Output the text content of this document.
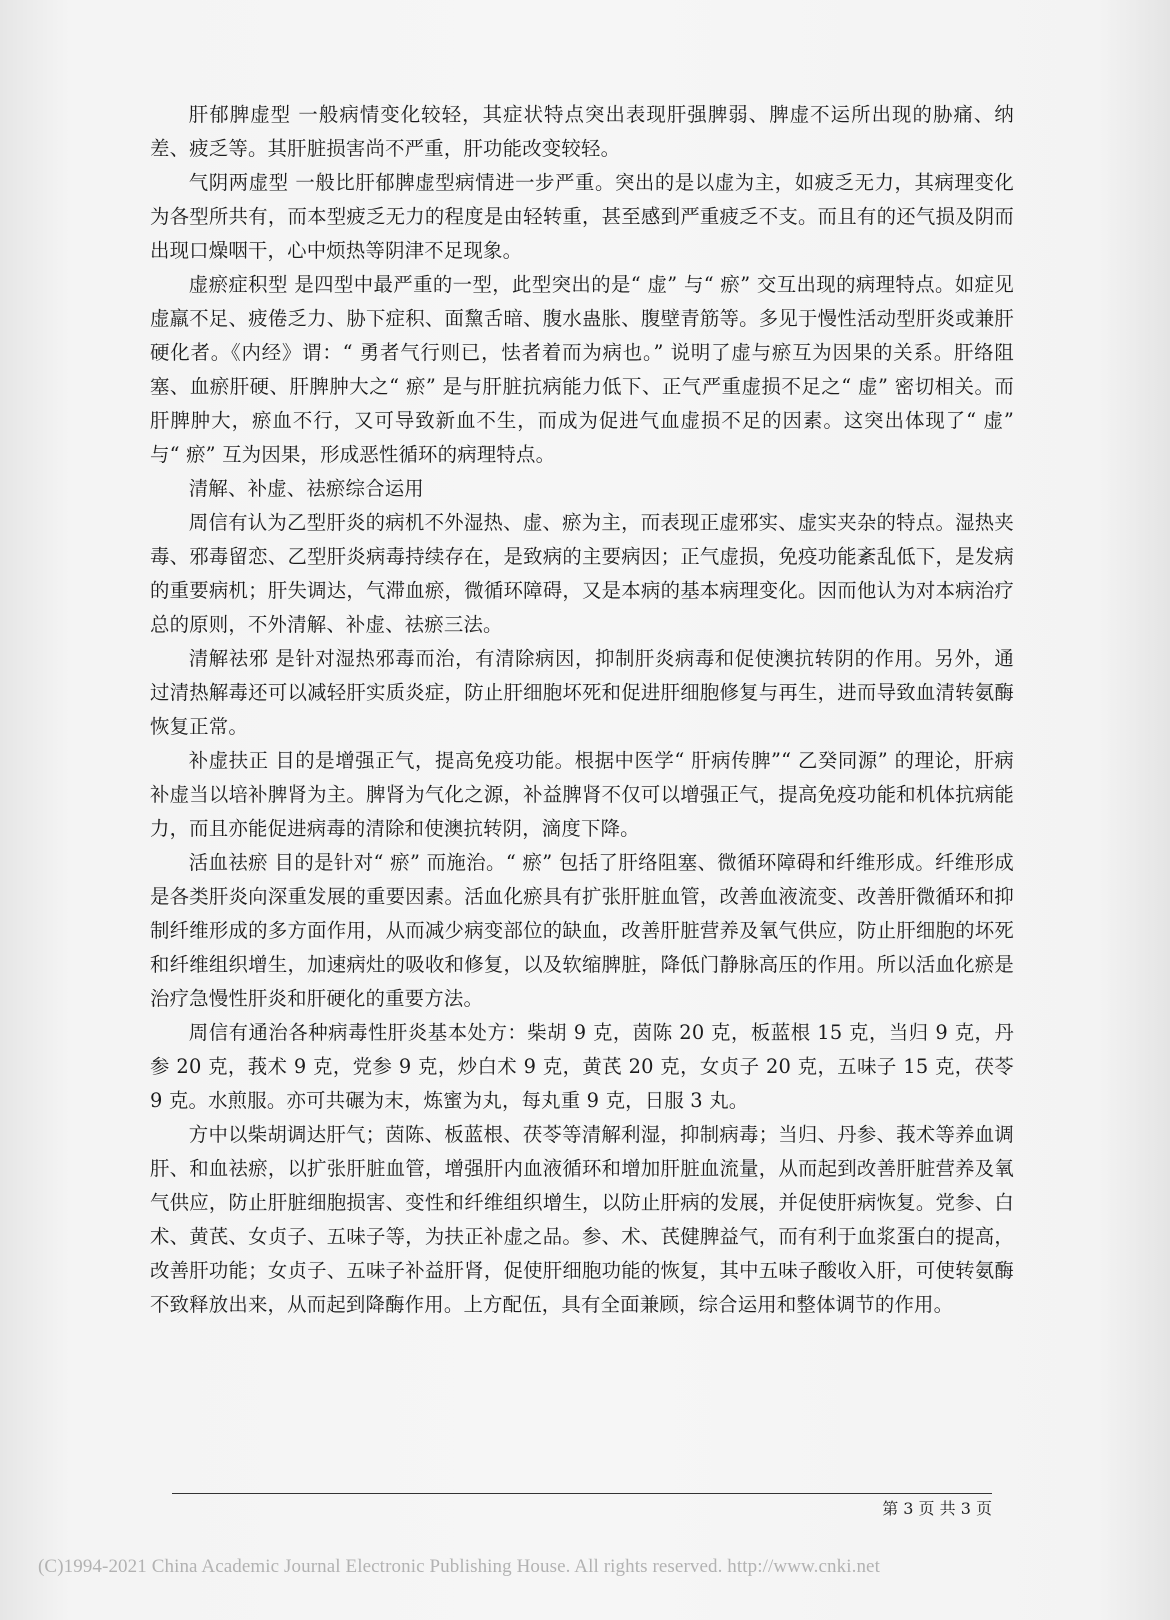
肝郁脾虚型 一般病情变化较轻，其症状特点突出表现肝强脾弱、脾虚不运所出现的胁痛、纳差、疲乏等。其肝脏损害尚不严重，肝功能改变较轻。

气阴两虚型 一般比肝郁脾虚型病情进一步严重。突出的是以虚为主，如疲乏无力，其病理变化为各型所共有，而本型疲乏无力的程度是由轻转重，甚至感到严重疲乏不支。而且有的还气损及阴而出现口燥咽干，心中烦热等阴津不足现象。

虚瘀症积型 是四型中最严重的一型，此型突出的是“ 虚” 与“ 瘀” 交互出现的病理特点。如症见虚羸不足、疲倦乏力、胁下症积、面黧舌暗、腹水蛊胀、腹壁青筋等。多见于慢性活动型肝炎或兼肝硬化者。《内经》谓：“ 勇者气行则已，怯者着而为病也。” 说明了虚与瘀互为因果的关系。肝络阻塞、血瘀肝硬、肝脾肿大之“ 瘀” 是与肝脏抗病能力低下、正气严重虚损不足之“ 虚” 密切相关。而肝脾肿大，瘀血不行，又可导致新血不生，而成为促进气血虚损不足的因素。这突出体现了“ 虚” 与“ 瘀” 互为因果，形成恶性循环的病理特点。

清解、补虚、祛瘀综合运用

周信有认为乙型肝炎的病机不外湿热、虚、瘀为主，而表现正虚邪实、虚实夹杂的特点。湿热夹毒、邪毒留恋、乙型肝炎病毒持续存在，是致病的主要病因；正气虚损，免疫功能紊乱低下，是发病的重要病机；肝失调达，气滞血瘀，微循环障碍，又是本病的基本病理变化。因而他认为对本病治疗总的原则，不外清解、补虚、祛瘀三法。

清解祛邪 是针对湿热邪毒而治，有清除病因，抑制肝炎病毒和促使澳抗转阴的作用。另外，通过清热解毒还可以减轻肝实质炎症，防止肝细胞坏死和促进肝细胞修复与再生，进而导致血清转氨酶恢复正常。

补虚扶正 目的是增强正气，提高免疫功能。根据中医学“ 肝病传脾”“ 乙癸同源” 的理论，肝病补虚当以培补脾肾为主。脾肾为气化之源，补益脾肾不仅可以增强正气，提高免疫功能和机体抗病能力，而且亦能促进病毒的清除和使澳抗转阴，滴度下降。

活血祛瘀 目的是针对“ 瘀” 而施治。“ 瘀” 包括了肝络阻塞、微循环障碍和纤维形成。纤维形成是各类肝炎向深重发展的重要因素。活血化瘀具有扩张肝脏血管，改善血液流变、改善肝微循环和抑制纤维形成的多方面作用，从而减少病变部位的缺血，改善肝脏营养及氧气供应，防止肝细胞的坏死和纤维组织增生，加速病灶的吸收和修复，以及软缩脾脏，降低门静脉高压的作用。所以活血化瘀是治疗急慢性肝炎和肝硬化的重要方法。

周信有通治各种病毒性肝炎基本处方：柴胡 9 克，茵陈 20 克，板蓝根 15 克，当归 9 克，丹参 20 克，莪术 9 克，党参 9 克，炒白术 9 克，黄芪 20 克，女贞子 20 克，五味子 15 克，茯苓 9 克。水煎服。亦可共碾为末，炼蜜为丸，每丸重 9 克，日服 3 丸。

方中以柴胡调达肝气；茵陈、板蓝根、茯苓等清解利湿，抑制病毒；当归、丹参、莪术等养血调肝、和血祛瘀，以扩张肝脏血管，增强肝内血液循环和增加肝脏血流量，从而起到改善肝脏营养及氧气供应，防止肝脏细胞损害、变性和纤维组织增生，以防止肝病的发展，并促使肝病恢复。党参、白术、黄芪、女贞子、五味子等，为扶正补虚之品。参、术、芪健脾益气，而有利于血浆蛋白的提高，改善肝功能；女贞子、五味子补益肝肾，促使肝细胞功能的恢复，其中五味子酸收入肝，可使转氨酶不致释放出来，从而起到降酶作用。上方配伍，具有全面兼顾，综合运用和整体调节的作用。

第 3 页 共 3 页
(C)1994-2021 China Academic Journal Electronic Publishing House. All rights reserved. http://www.cnki.net
